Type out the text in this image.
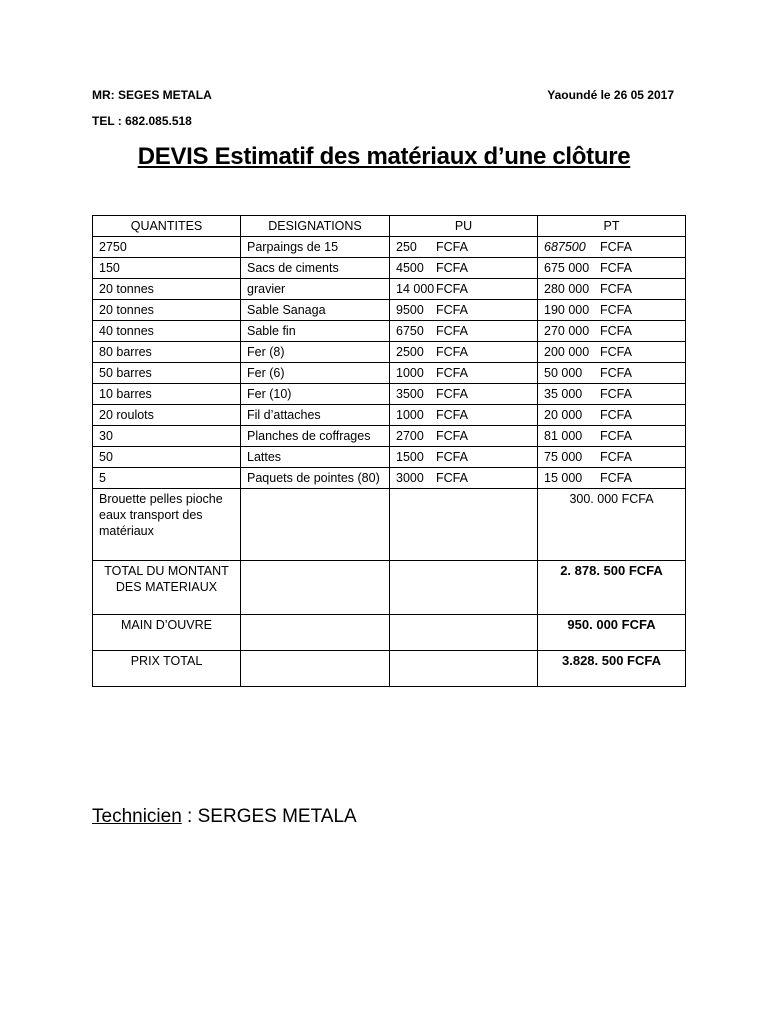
MR: SEGES METALA
TEL : 682.085.518
Yaoundé le 26 05 2017
DEVIS Estimatif des matériaux d’une clôture
QUANTITES	DESIGNATIONS	PU	PT
2750	Parpaings de 15	250 FCFA	687500 FCFA
150	Sacs de ciments	4500 FCFA	675 000 FCFA
20 tonnes	gravier	14 000 FCFA	280 000 FCFA
20 tonnes	Sable Sanaga	9500 FCFA	190 000 FCFA
40 tonnes	Sable fin	6750 FCFA	270 000 FCFA
80 barres	Fer (8)	2500 FCFA	200 000 FCFA
50 barres	Fer (6)	1000 FCFA	50 000 FCFA
10 barres	Fer (10)	3500 FCFA	35 000 FCFA
20 roulots	Fil d’attaches	1000 FCFA	20 000 FCFA
30	Planches de coffrages	2700 FCFA	81 000 FCFA
50	Lattes	1500 FCFA	75 000 FCFA
5	Paquets de pointes (80)	3000 FCFA	15 000 FCFA
Brouette pelles pioche eaux transport des matériaux			300. 000 FCFA
TOTAL DU MONTANT DES MATERIAUX			2. 878. 500 FCFA
MAIN D’OUVRE			950. 000 FCFA
PRIX TOTAL			3.828. 500 FCFA
Technicien : SERGES METALA
